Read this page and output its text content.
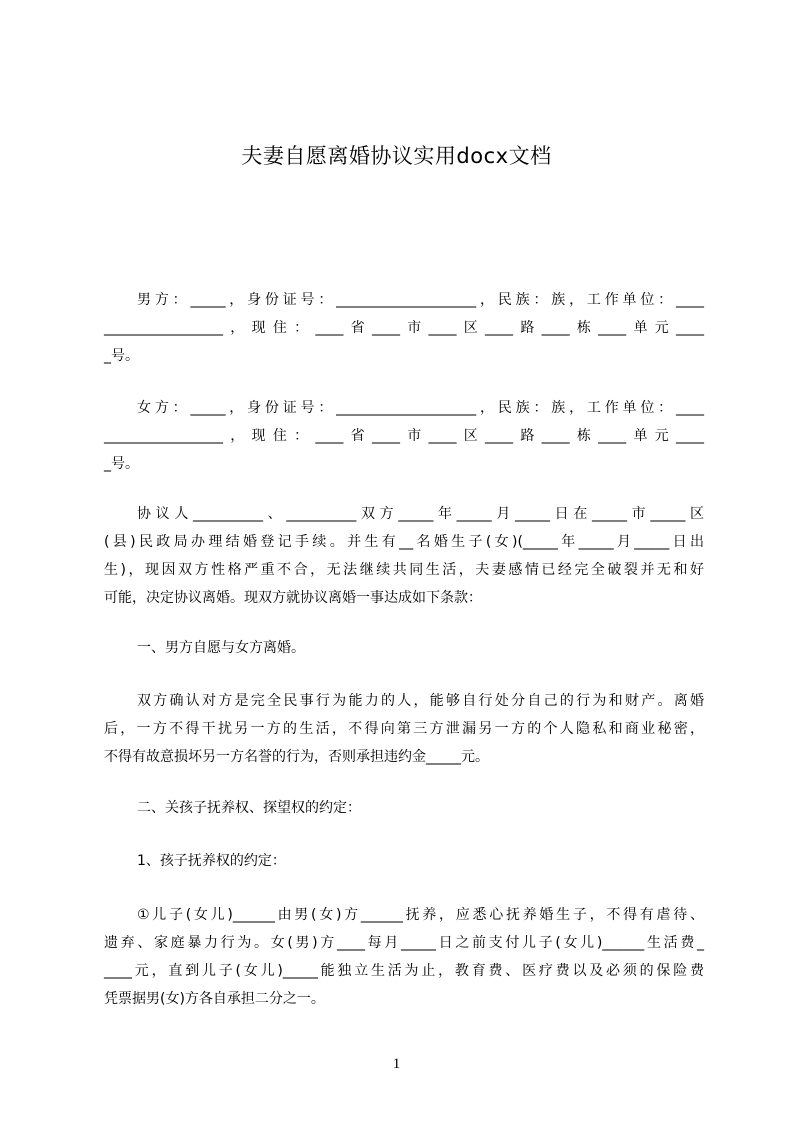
夫妻自愿离婚协议实用docx文档
男方：_____，身份证号：____________________，民族：族，工作单位：____
_________________，现住：____省____市____区____路____栋____单元____
_号。
女方：_____，身份证号：____________________，民族：族，工作单位：____
_________________，现住：____省____市____区____路____栋____单元____
_号。
协议人__________、__________双方_____年_____月_____日在_____市_____区
(县)民政局办理结婚登记手续。并生有__名婚生子(女)(_____年_____月_____日出
生)，现因双方性格严重不合，无法继续共同生活，夫妻感情已经完全破裂并无和好
可能，决定协议离婚。现双方就协议离婚一事达成如下条款：
一、男方自愿与女方离婚。
双方确认对方是完全民事行为能力的人，能够自行处分自己的行为和财产。离婚
后，一方不得干扰另一方的生活，不得向第三方泄漏另一方的个人隐私和商业秘密，
不得有故意损坏另一方名誉的行为，否则承担违约金_____元。
二、关孩子抚养权、探望权的约定：
1、孩子抚养权的约定：
①儿子(女儿)______由男(女)方______抚养，应悉心抚养婚生子，不得有虐待、
遗弃、家庭暴力行为。女(男)方____每月_____日之前支付儿子(女儿)______生活费_
____元，直到儿子(女儿)_____能独立生活为止，教育费、医疗费以及必须的保险费
凭票据男(女)方各自承担二分之一。
1
